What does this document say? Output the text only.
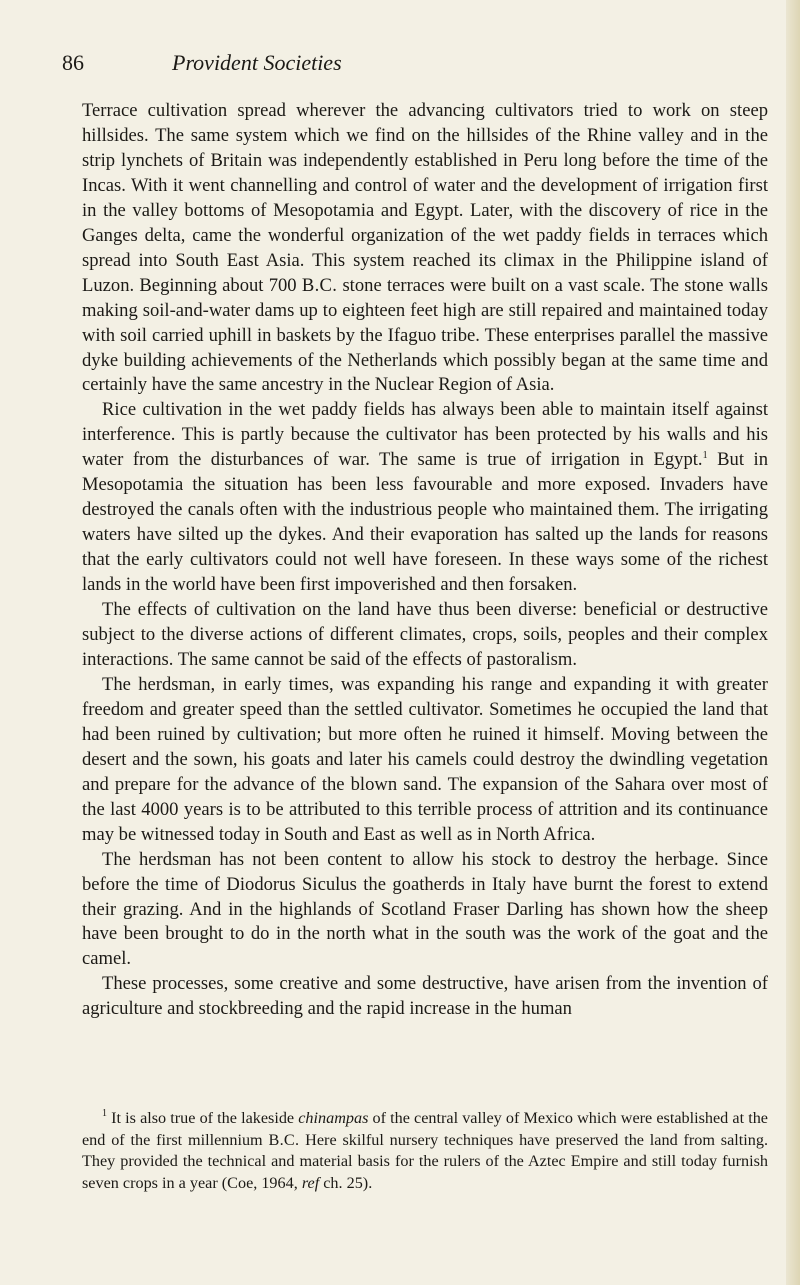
86	Provident Societies

Terrace cultivation spread wherever the advancing cultivators tried to work on steep hillsides. The same system which we find on the hillsides of the Rhine valley and in the strip lynchets of Britain was independently established in Peru long before the time of the Incas. With it went channelling and control of water and the development of irrigation first in the valley bottoms of Mesopotamia and Egypt. Later, with the discovery of rice in the Ganges delta, came the wonderful organization of the wet paddy fields in terraces which spread into South East Asia. This system reached its climax in the Philippine island of Luzon. Beginning about 700 B.C. stone terraces were built on a vast scale. The stone walls making soil-and-water dams up to eighteen feet high are still repaired and maintained today with soil carried uphill in baskets by the Ifaguo tribe. These enterprises parallel the massive dyke building achievements of the Netherlands which possibly began at the same time and certainly have the same ancestry in the Nuclear Region of Asia.

Rice cultivation in the wet paddy fields has always been able to maintain itself against interference. This is partly because the cultivator has been protected by his walls and his water from the disturbances of war. The same is true of irrigation in Egypt.$^1$ But in Mesopotamia the situation has been less favourable and more exposed. Invaders have destroyed the canals often with the industrious people who maintained them. The irrigating waters have silted up the dykes. And their evaporation has salted up the lands for reasons that the early cultivators could not well have foreseen. In these ways some of the richest lands in the world have been first impoverished and then forsaken.

The effects of cultivation on the land have thus been diverse: beneficial or destructive subject to the diverse actions of different climates, crops, soils, peoples and their complex interactions. The same cannot be said of the effects of pastoralism.

The herdsman, in early times, was expanding his range and expanding it with greater freedom and greater speed than the settled cultivator. Sometimes he occupied the land that had been ruined by cultivation; but more often he ruined it himself. Moving between the desert and the sown, his goats and later his camels could destroy the dwindling vegetation and prepare for the advance of the blown sand. The expansion of the Sahara over most of the last 4000 years is to be attributed to this terrible process of attrition and its continuance may be witnessed today in South and East as well as in North Africa.

The herdsman has not been content to allow his stock to destroy the herbage. Since before the time of Diodorus Siculus the goatherds in Italy have burnt the forest to extend their grazing. And in the highlands of Scotland Fraser Darling has shown how the sheep have been brought to do in the north what in the south was the work of the goat and the camel.

These processes, some creative and some destructive, have arisen from the invention of agriculture and stockbreeding and the rapid increase in the human

$^1$ It is also true of the lakeside chinampas of the central valley of Mexico which were established at the end of the first millennium B.C. Here skilful nursery techniques have preserved the land from salting. They provided the technical and material basis for the rulers of the Aztec Empire and still today furnish seven crops in a year (Coe, 1964, ref ch. 25).
